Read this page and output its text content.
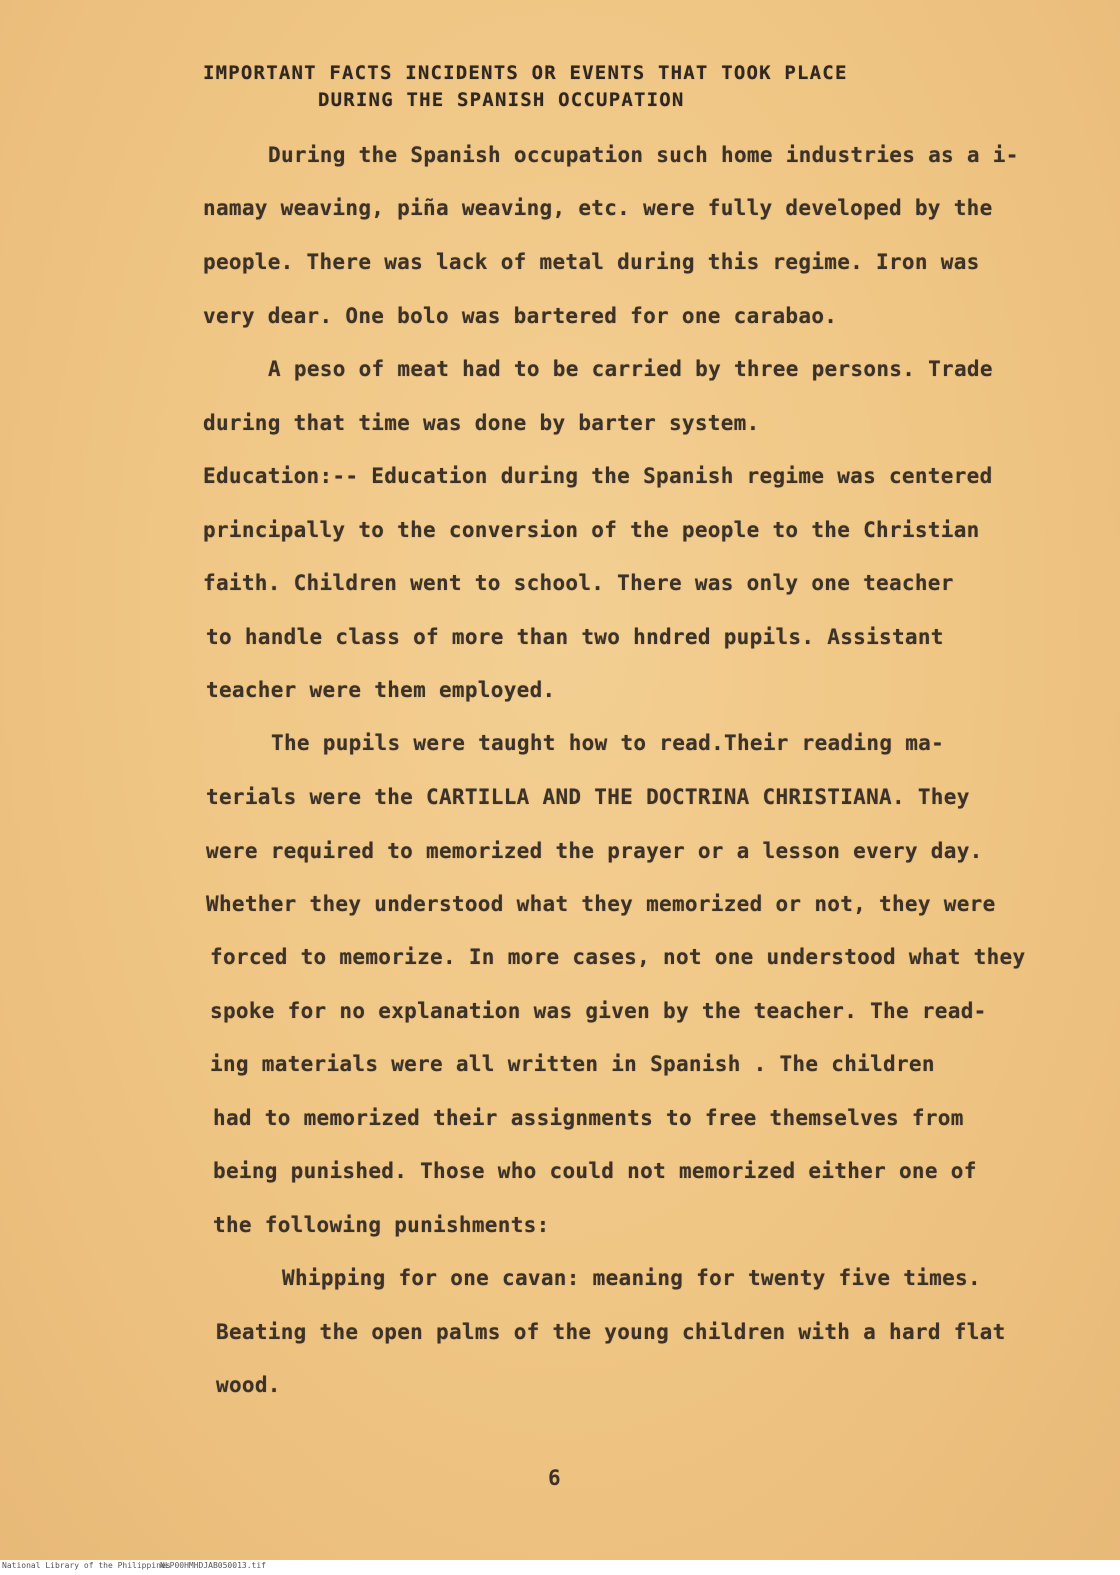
IMPORTANT FACTS INCIDENTS OR EVENTS THAT TOOK PLACE
DURING THE SPANISH OCCUPATION
During the Spanish occupation such home industries as a i-
namay weaving, piña weaving, etc. were fully developed by the
people. There was lack of metal during this regime. Iron was
very dear. One bolo was bartered for one carabao.
A peso of meat had to be carried by three persons. Trade
during that time was done by barter system.
Education:-- Education during the Spanish regime was centered
principally to the conversion of the people to the Christian
faith. Children went to school. There was only one teacher
to handle class of more than two hndred pupils. Assistant
teacher were them employed.
The pupils were taught how to read.Their reading ma-
terials were the CARTILLA AND THE DOCTRINA CHRISTIANA. They
were required to memorized the prayer or a lesson every day.
Whether they understood what they memorized or not, they were
forced to memorize. In more cases, not one understood what they
spoke for no explanation was given by the teacher. The read-
ing materials were all written in Spanish . The children
had to memorized their assignments to free themselves from
being punished. Those who could not memorized either one of
the following punishments:
Whipping for one cavan: meaning for twenty five times.
Beating the open palms of the young children with a hard flat
wood.
6
National Library of the Philippines
NLP00HMHDJAB050013.tif
